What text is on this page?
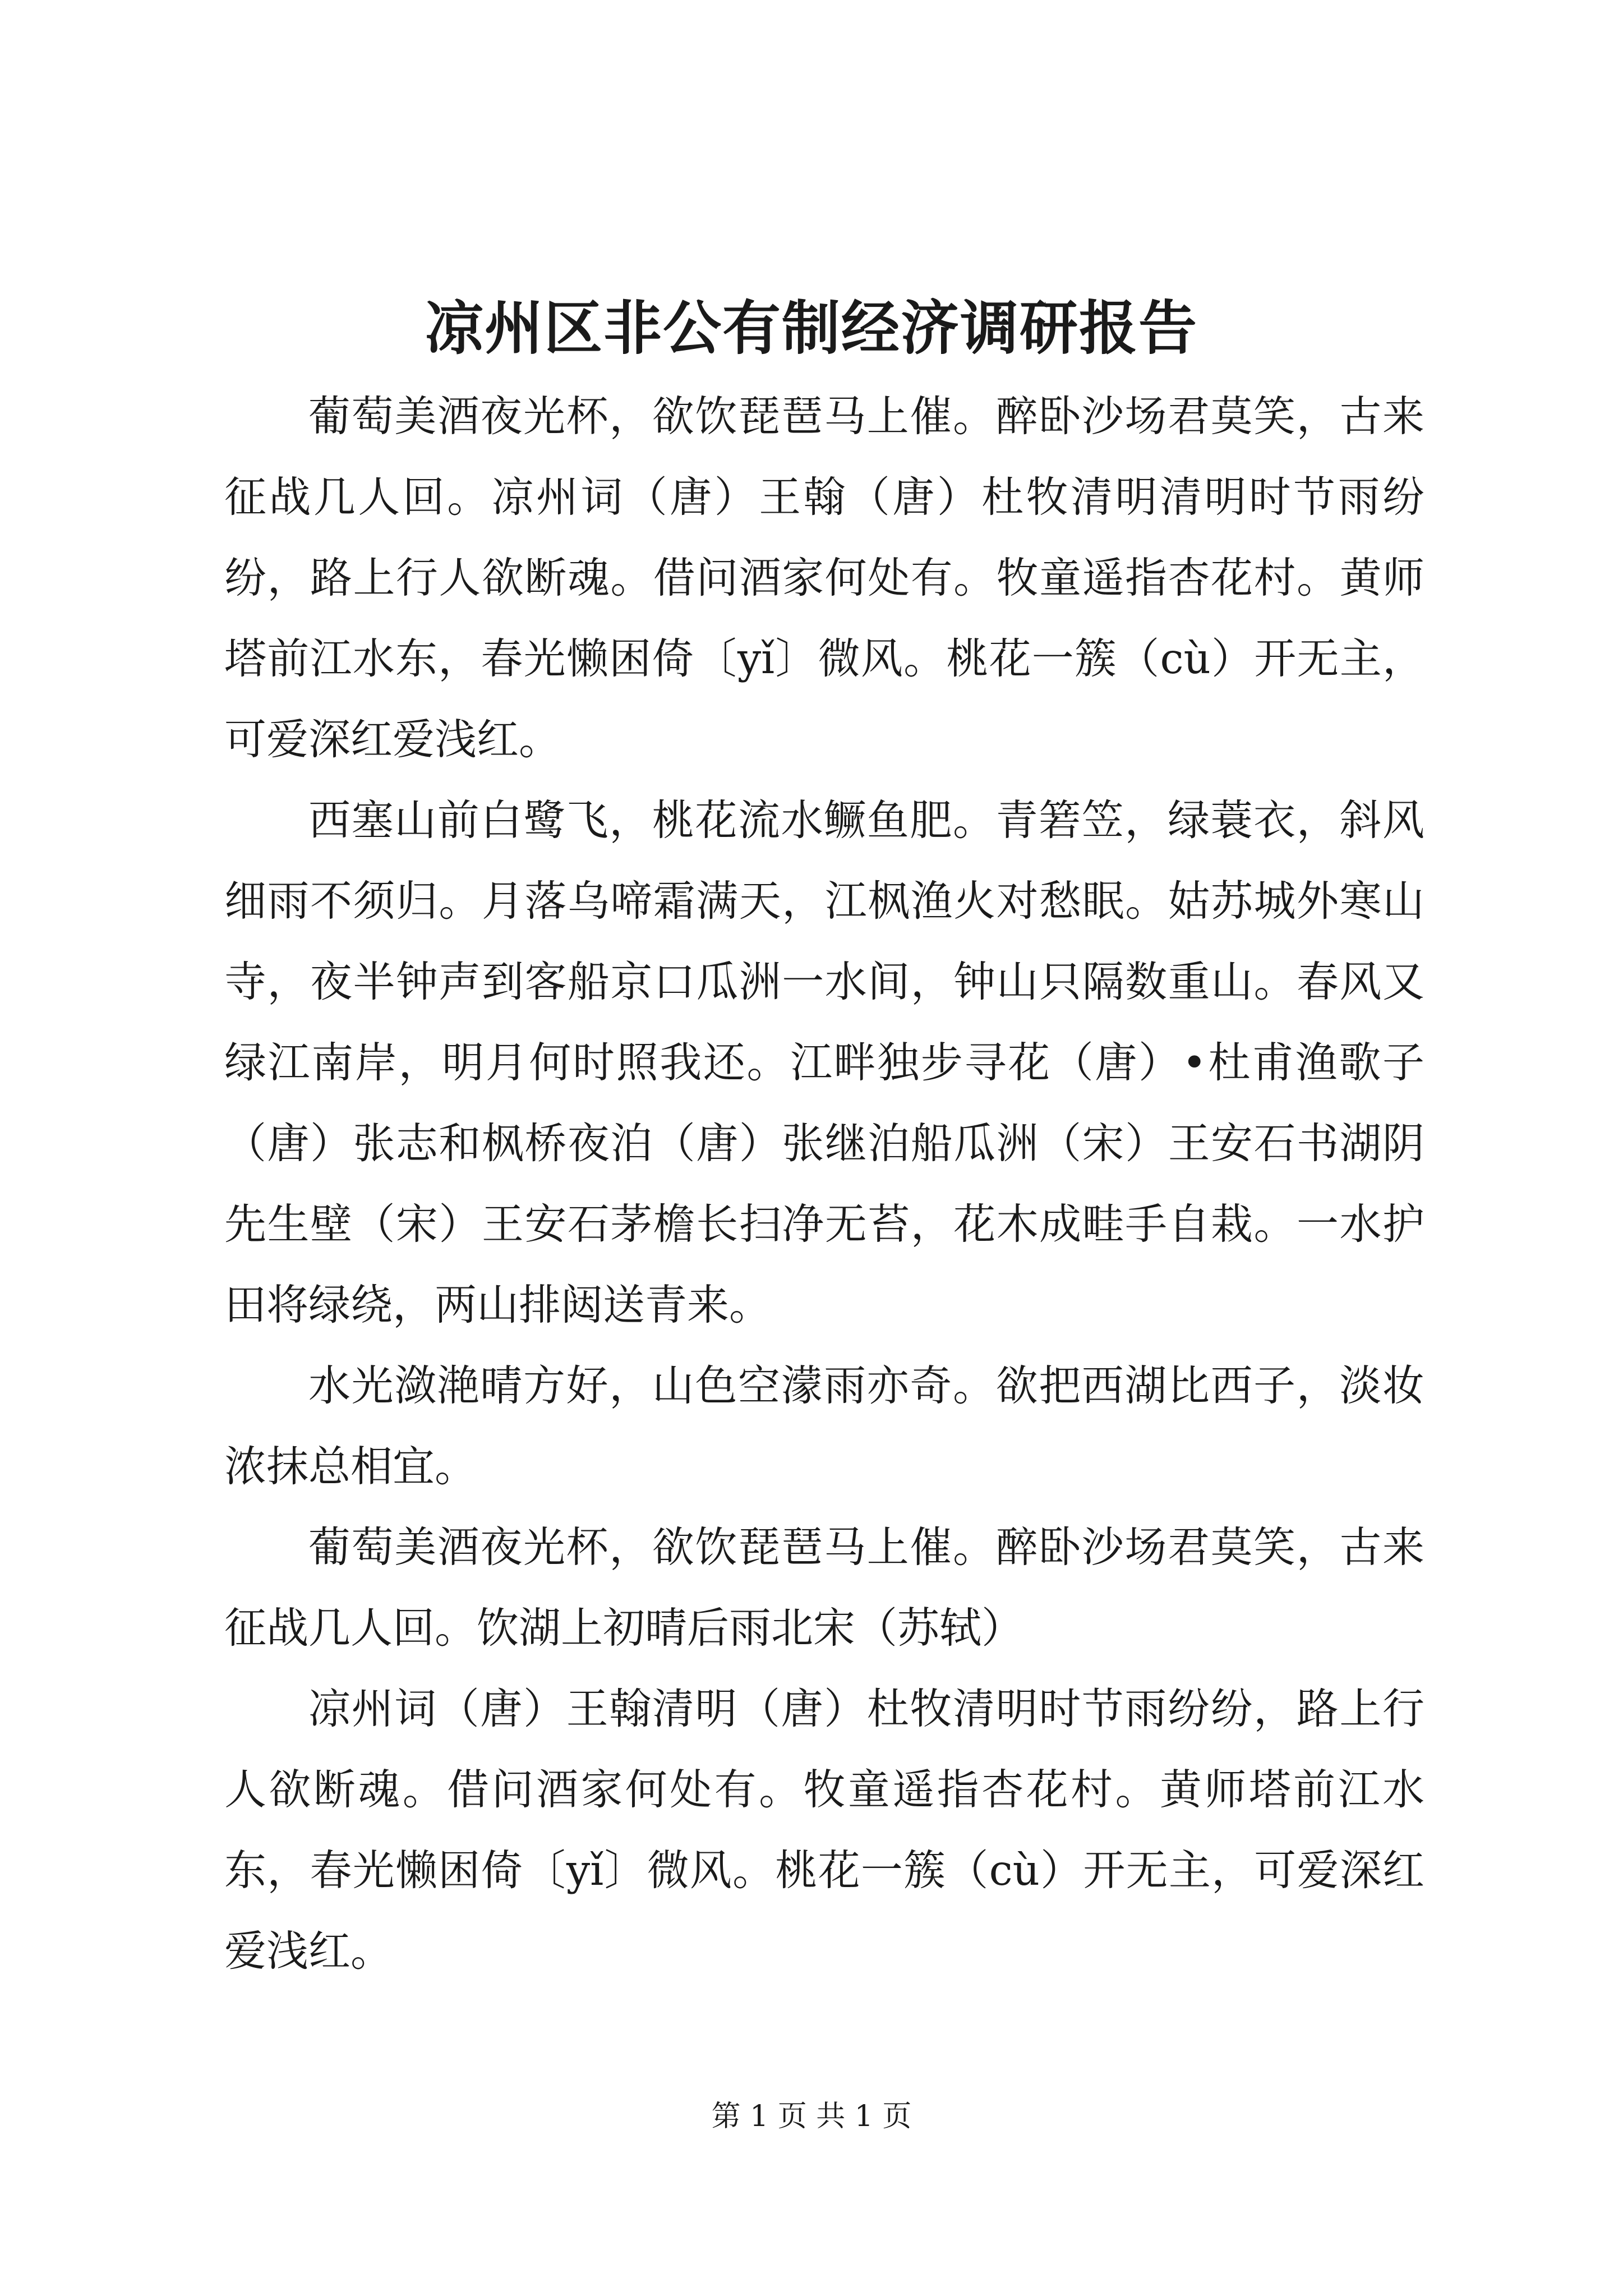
凉州区非公有制经济调研报告

葡萄美酒夜光杯，欲饮琵琶马上催。醉卧沙场君莫笑，古来征战几人回。凉州词（唐）王翰（唐）杜牧清明清明时节雨纷纷，路上行人欲断魂。借问酒家何处有。牧童遥指杏花村。黄师塔前江水东，春光懒困倚〔yǐ〕微风。桃花一簇（cù）开无主，可爱深红爱浅红。

西塞山前白鹭飞，桃花流水鳜鱼肥。青箬笠，绿蓑衣，斜风细雨不须归。月落乌啼霜满天，江枫渔火对愁眠。姑苏城外寒山寺，夜半钟声到客船京口瓜洲一水间，钟山只隔数重山。春风又绿江南岸，明月何时照我还。江畔独步寻花（唐）•杜甫渔歌子（唐）张志和枫桥夜泊（唐）张继泊船瓜洲（宋）王安石书湖阴先生壁（宋）王安石茅檐长扫净无苔，花木成畦手自栽。一水护田将绿绕，两山排闼送青来。

水光潋滟晴方好，山色空濛雨亦奇。欲把西湖比西子，淡妆浓抹总相宜。

葡萄美酒夜光杯，欲饮琵琶马上催。醉卧沙场君莫笑，古来征战几人回。饮湖上初晴后雨北宋（苏轼）

凉州词（唐）王翰清明（唐）杜牧清明时节雨纷纷，路上行人欲断魂。借问酒家何处有。牧童遥指杏花村。黄师塔前江水东，春光懒困倚〔yǐ〕微风。桃花一簇（cù）开无主，可爱深红爱浅红。

第 1 页 共 1 页
